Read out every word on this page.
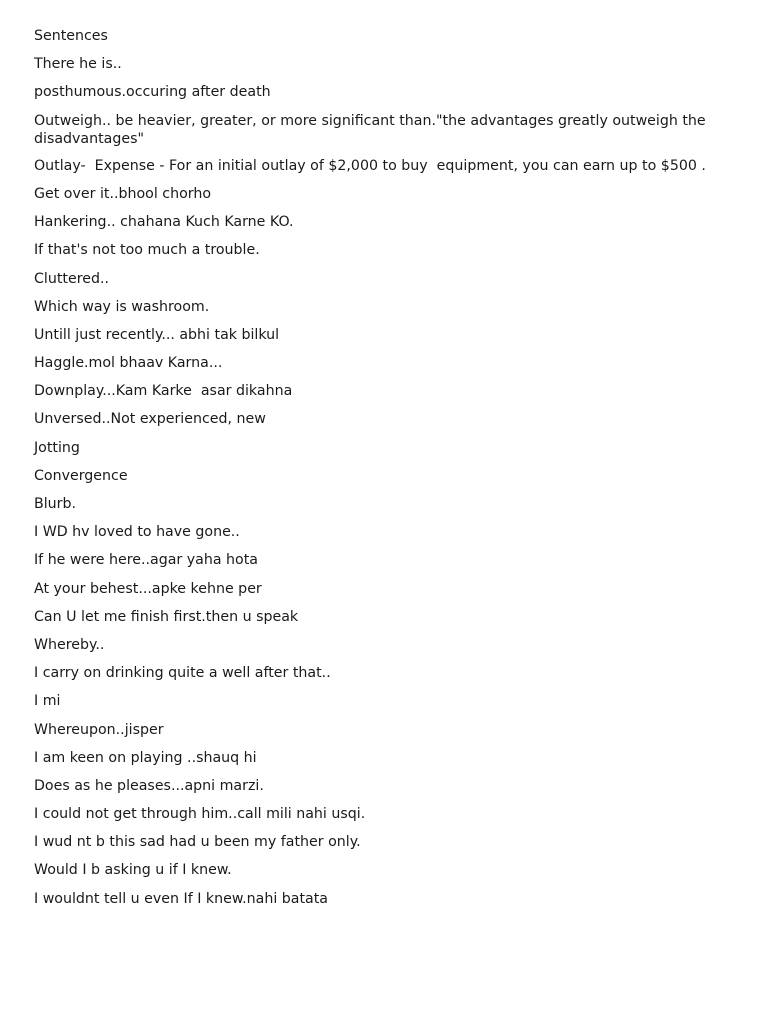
Sentences

There he is..

posthumous.occuring after death

Outweigh.. be heavier, greater, or more significant than."the advantages greatly outweigh the disadvantages"

Outlay-  Expense - For an initial outlay of $2,000 to buy  equipment, you can earn up to $500 .

Get over it..bhool chorho

Hankering.. chahana Kuch Karne KO.

If that's not too much a trouble.

Cluttered..

Which way is washroom.

Untill just recently... abhi tak bilkul

Haggle.mol bhaav Karna...

Downplay...Kam Karke  asar dikahna

Unversed..Not experienced, new

Jotting

Convergence

Blurb.

I WD hv loved to have gone..

If he were here..agar yaha hota

At your behest...apke kehne per

Can U let me finish first.then u speak

Whereby..

I carry on drinking quite a well after that..

I mi

Whereupon..jisper

I am keen on playing ..shauq hi

Does as he pleases...apni marzi.

I could not get through him..call mili nahi usqi.

I wud nt b this sad had u been my father only.

Would I b asking u if I knew.

I wouldnt tell u even If I knew.nahi batata
